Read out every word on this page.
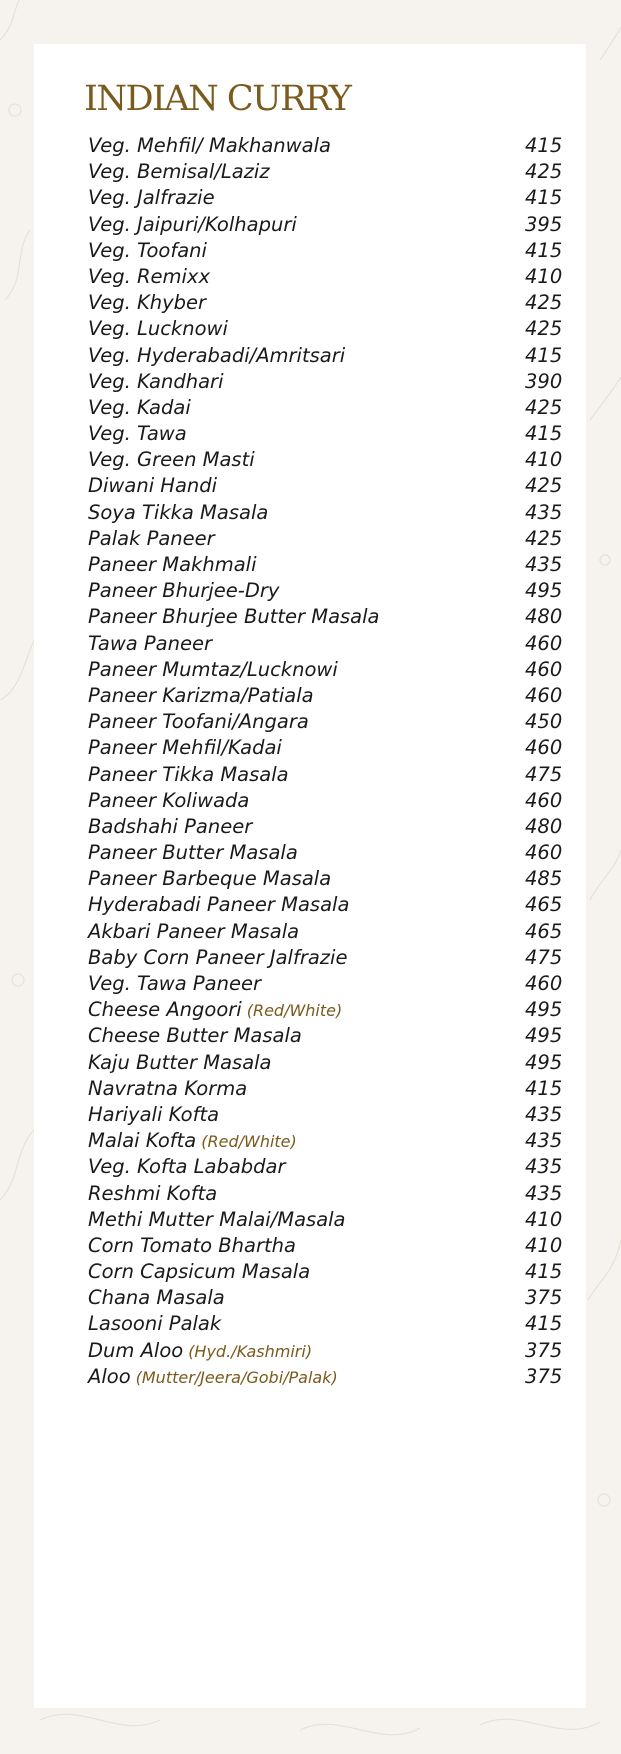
INDIAN CURRY
Veg. Mehfil/ Makhanwala	415
Veg. Bemisal/Laziz	425
Veg. Jalfrazie	415
Veg. Jaipuri/Kolhapuri	395
Veg. Toofani	415
Veg. Remixx	410
Veg. Khyber	425
Veg. Lucknowi	425
Veg. Hyderabadi/Amritsari	415
Veg. Kandhari	390
Veg. Kadai	425
Veg. Tawa	415
Veg. Green Masti	410
Diwani Handi	425
Soya Tikka Masala	435
Palak Paneer	425
Paneer Makhmali	435
Paneer Bhurjee-Dry	495
Paneer Bhurjee Butter Masala	480
Tawa Paneer	460
Paneer Mumtaz/Lucknowi	460
Paneer Karizma/Patiala	460
Paneer Toofani/Angara	450
Paneer Mehfil/Kadai	460
Paneer Tikka Masala	475
Paneer Koliwada	460
Badshahi Paneer	480
Paneer Butter Masala	460
Paneer Barbeque Masala	485
Hyderabadi Paneer Masala	465
Akbari Paneer Masala	465
Baby Corn Paneer Jalfrazie	475
Veg. Tawa Paneer	460
Cheese Angoori (Red/White)	495
Cheese Butter Masala	495
Kaju Butter Masala	495
Navratna Korma	415
Hariyali Kofta	435
Malai Kofta (Red/White)	435
Veg. Kofta Lababdar	435
Reshmi Kofta	435
Methi Mutter Malai/Masala	410
Corn Tomato Bhartha	410
Corn Capsicum Masala	415
Chana Masala	375
Lasooni Palak	415
Dum Aloo (Hyd./Kashmiri)	375
Aloo (Mutter/Jeera/Gobi/Palak)	375
